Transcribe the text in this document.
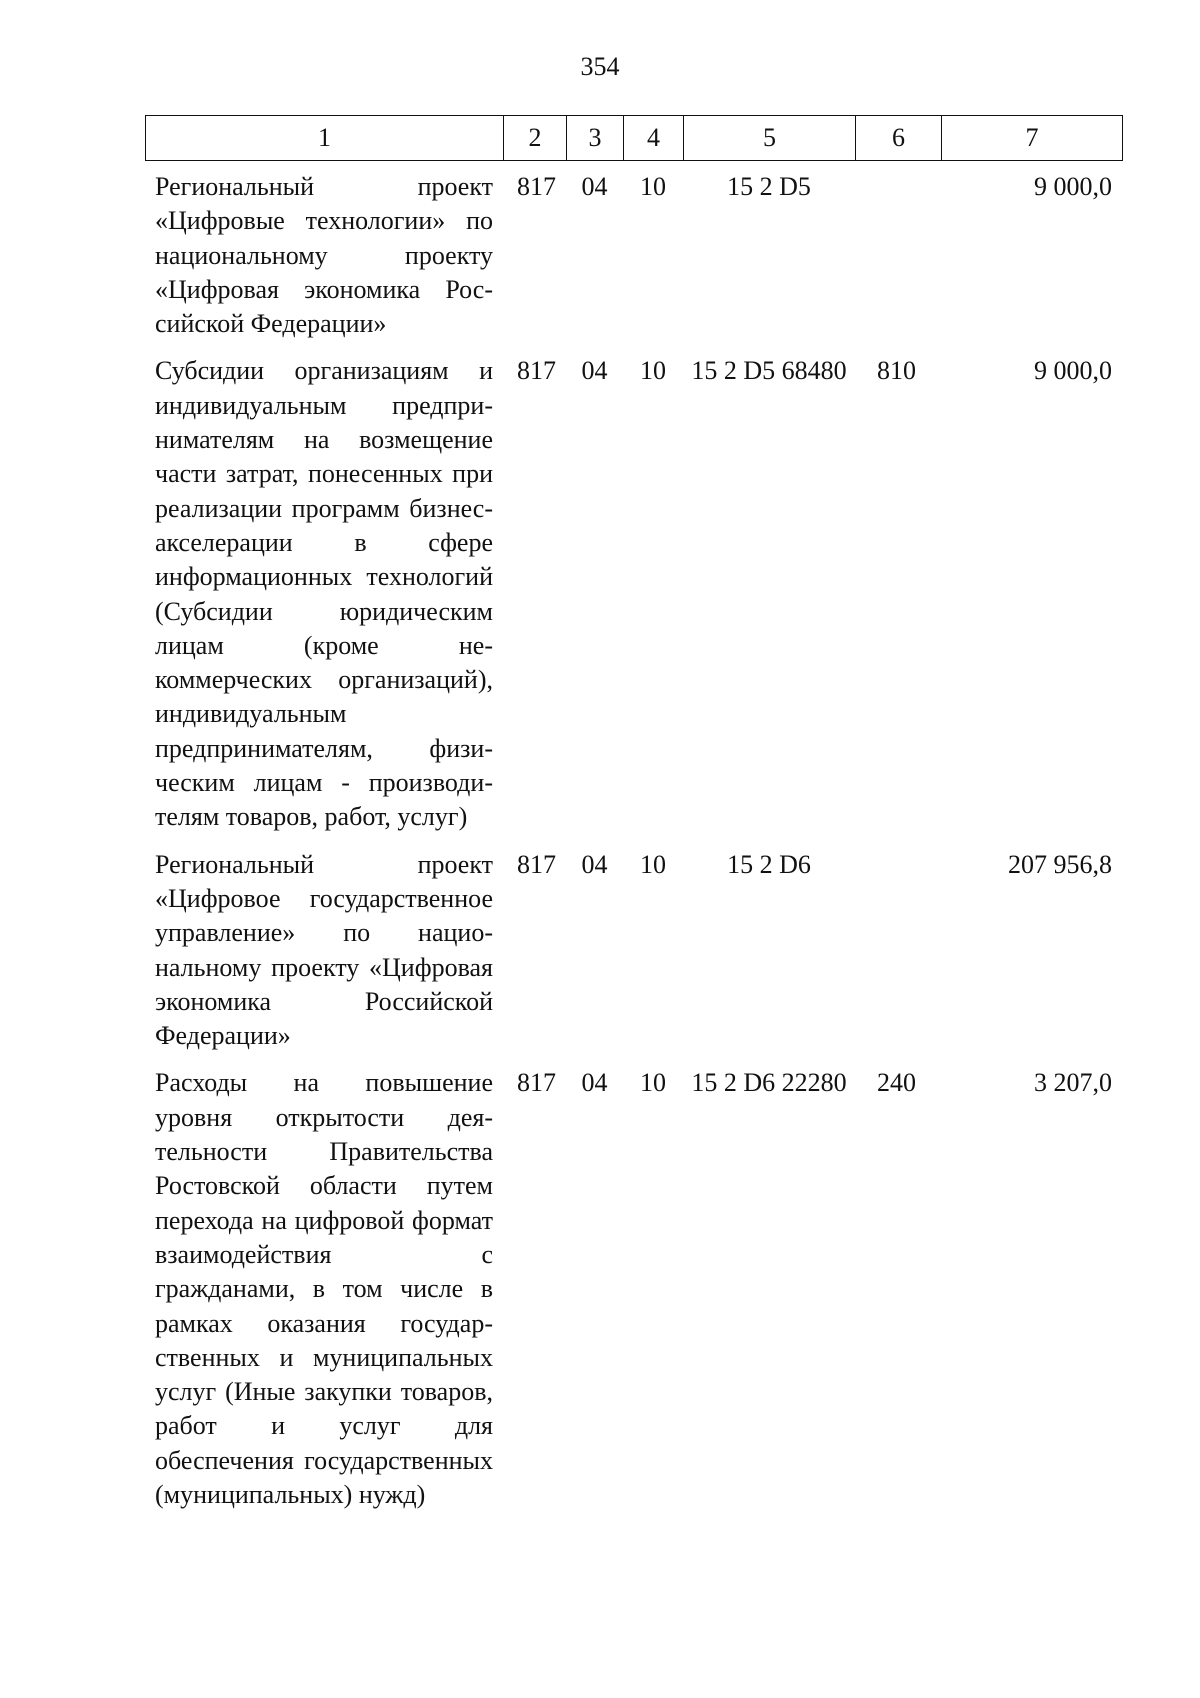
354
1	2	3	4	5	6	7
Региональный проект «Цифровые технологии» по национальному проекту «Цифровая экономика Российской Федерации»	817	04	10	15 2 D5		9 000,0
Субсидии организациям и индивидуальным предпринимателям на возмещение части затрат, понесенных при реализации программ бизнес-акселерации в сфере информационных технологий (Субсидии юридическим лицам (кроме некоммерческих организаций), индивидуальным предпринимателям, физическим лицам - производителям товаров, работ, услуг)	817	04	10	15 2 D5 68480	810	9 000,0
Региональный проект «Цифровое государственное управление» по национальному проекту «Цифровая экономика Российской Федерации»	817	04	10	15 2 D6		207 956,8
Расходы на повышение уровня открытости деятельности Правительства Ростовской области путем перехода на цифровой формат взаимодействия с гражданами, в том числе в рамках оказания государственных и муниципальных услуг (Иные закупки товаров, работ и услуг для обеспечения государственных (муниципальных) нужд)	817	04	10	15 2 D6 22280	240	3 207,0
